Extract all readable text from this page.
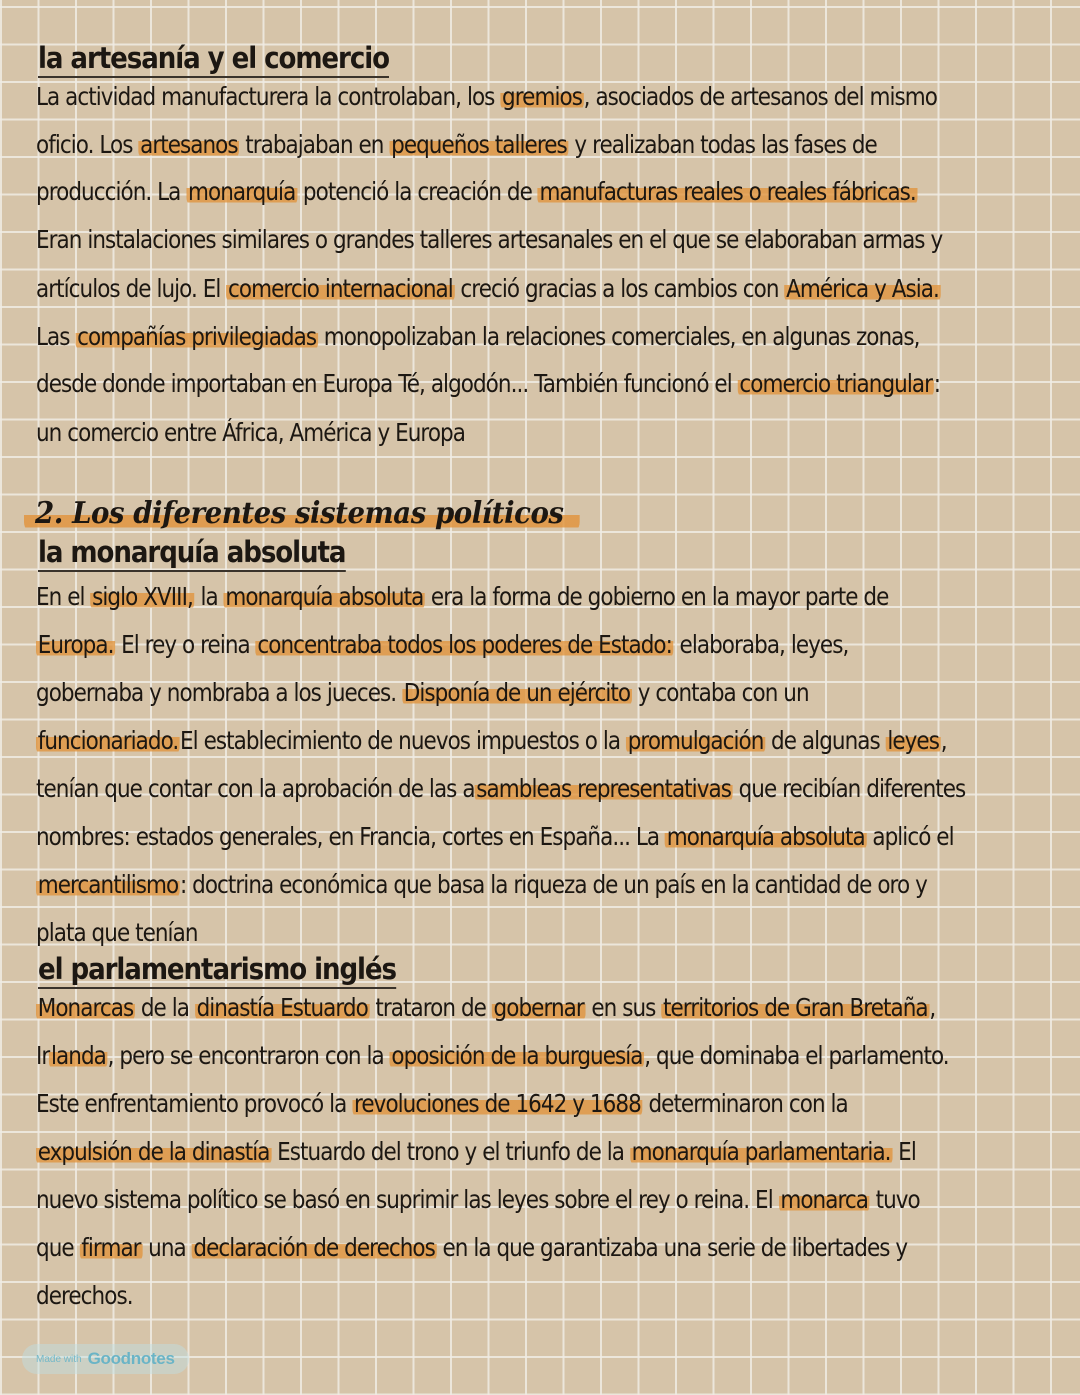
la artesanía y el comercio
La actividad manufacturera la controlaban, los gremios, asociados de artesanos del mismo
oficio. Los artesanos trabajaban en pequeños talleres y realizaban todas las fases de
producción. La monarquía potenció la creación de manufacturas reales o reales fábricas.
Eran instalaciones similares o grandes talleres artesanales en el que se elaboraban armas y
artículos de lujo. El comercio internacional creció gracias a los cambios con América y Asia.
Las compañías privilegiadas monopolizaban la relaciones comerciales, en algunas zonas,
desde donde importaban en Europa Té, algodón... También funcionó el comercio triangular:
un comercio entre África, América y Europa
2. Los diferentes sistemas políticos
la monarquía absoluta
En el siglo XVIII, la monarquía absoluta era la forma de gobierno en la mayor parte de
Europa. El rey o reina concentraba todos los poderes de Estado: elaboraba, leyes,
gobernaba y nombraba a los jueces. Disponía de un ejército y contaba con un
funcionariado.El establecimiento de nuevos impuestos o la promulgación de algunas leyes,
tenían que contar con la aprobación de las asambleas representativas que recibían diferentes
nombres: estados generales, en Francia, cortes en España... La monarquía absoluta aplicó el
mercantilismo: doctrina económica que basa la riqueza de un país en la cantidad de oro y
plata que tenían
el parlamentarismo inglés
Monarcas de la dinastía Estuardo trataron de gobernar en sus territorios de Gran Bretaña,
Irlanda, pero se encontraron con la oposición de la burguesía, que dominaba el parlamento.
Este enfrentamiento provocó la revoluciones de 1642 y 1688 determinaron con la
expulsión de la dinastía Estuardo del trono y el triunfo de la monarquía parlamentaria. El
nuevo sistema político se basó en suprimir las leyes sobre el rey o reina. El monarca tuvo
que firmar una declaración de derechos en la que garantizaba una serie de libertades y
derechos.
Made with Goodnotes
